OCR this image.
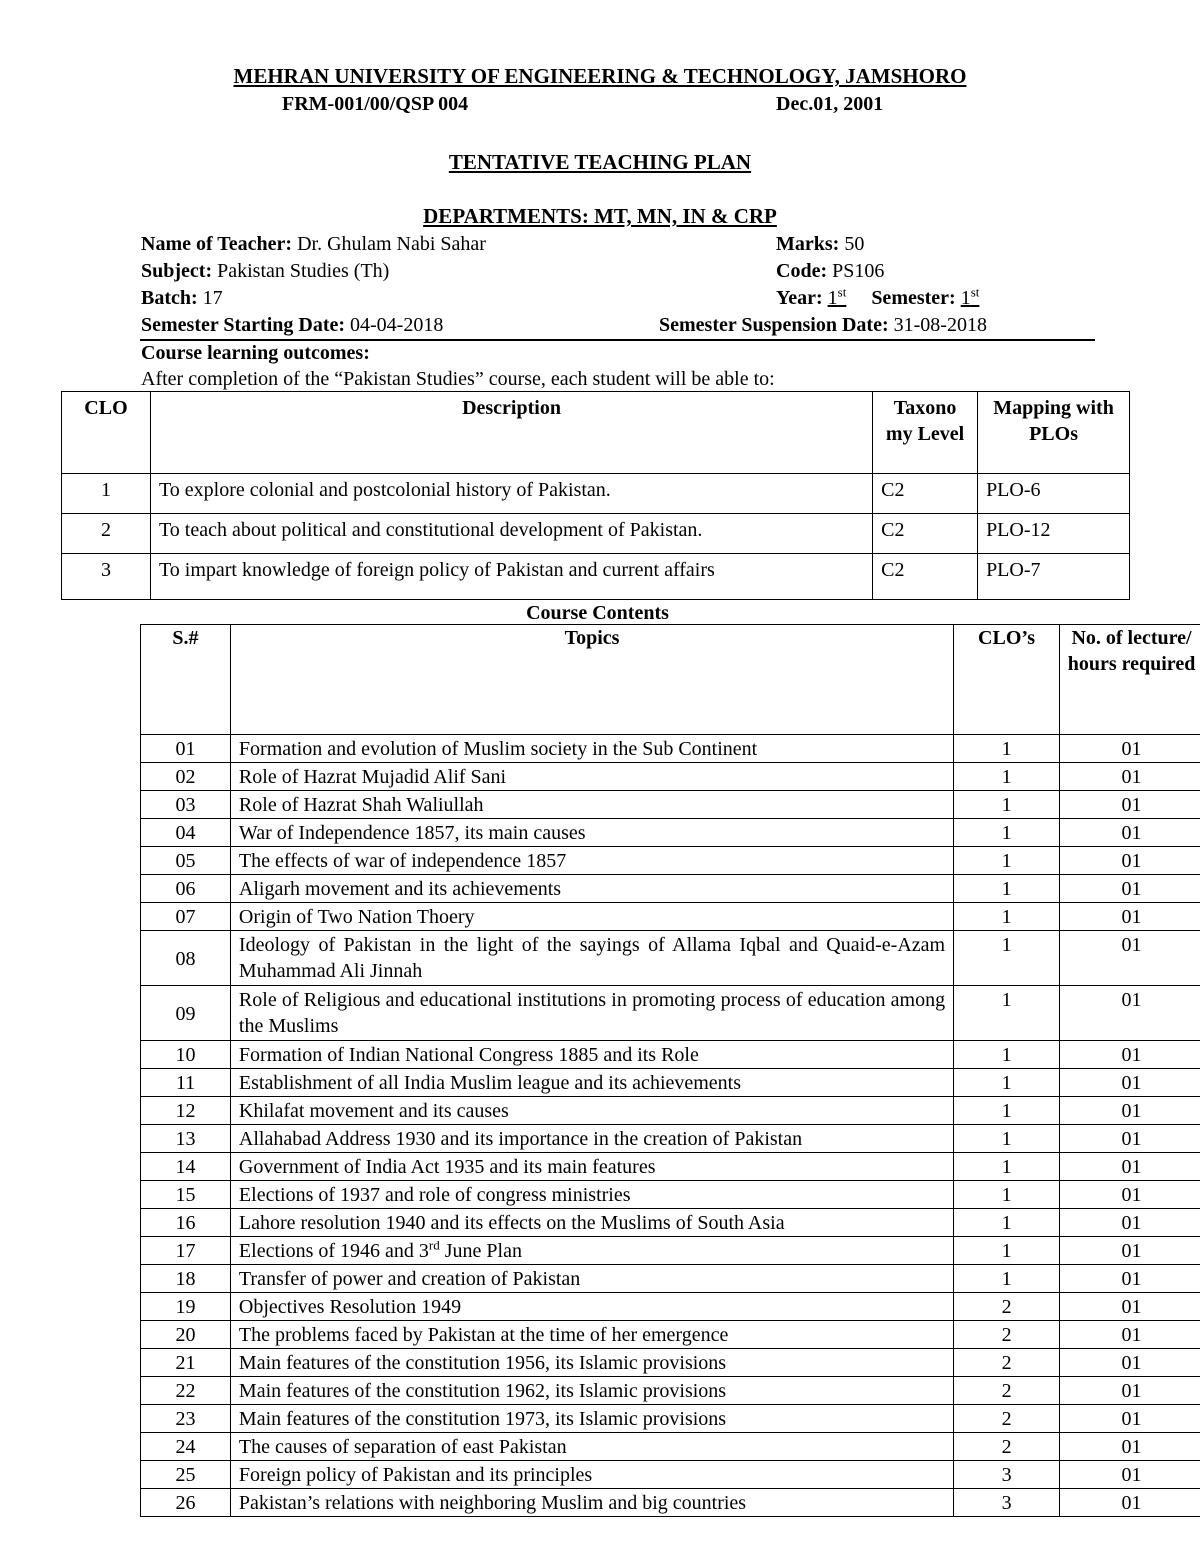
MEHRAN UNIVERSITY OF ENGINEERING & TECHNOLOGY, JAMSHORO
FRM-001/00/QSP 004	Dec.01, 2001
TENTATIVE TEACHING PLAN
DEPARTMENTS: MT, MN, IN & CRP
Name of Teacher: Dr. Ghulam Nabi Sahar	Marks: 50
Subject: Pakistan Studies (Th)	Code: PS106
Batch: 17	Year: 1st Semester: 1st
Semester Starting Date: 04-04-2018	Semester Suspension Date: 31-08-2018
Course learning outcomes:
After completion of the “Pakistan Studies” course, each student will be able to:
CLO	Description	Taxono my Level	Mapping with PLOs
1	To explore colonial and postcolonial history of Pakistan.	C2	PLO-6
2	To teach about political and constitutional development of Pakistan.	C2	PLO-12
3	To impart knowledge of foreign policy of Pakistan and current affairs	C2	PLO-7
Course Contents
S.#	Topics	CLO’s	No. of lecture/ hours required
01	Formation and evolution of Muslim society in the Sub Continent	1	01
02	Role of Hazrat Mujadid Alif Sani	1	01
03	Role of Hazrat Shah Waliullah	1	01
04	War of Independence 1857, its main causes	1	01
05	The effects of war of independence 1857	1	01
06	Aligarh movement and its achievements	1	01
07	Origin of Two Nation Thoery	1	01
08	Ideology of Pakistan in the light of the sayings of Allama Iqbal and Quaid-e-Azam Muhammad Ali Jinnah	1	01
09	Role of Religious and educational institutions in promoting process of education among the Muslims	1	01
10	Formation of Indian National Congress 1885 and its Role	1	01
11	Establishment of all India Muslim league and its achievements	1	01
12	Khilafat movement and its causes	1	01
13	Allahabad Address 1930 and its importance in the creation of Pakistan	1	01
14	Government of India Act 1935 and its main features	1	01
15	Elections of 1937 and role of congress ministries	1	01
16	Lahore resolution 1940 and its effects on the Muslims of South Asia	1	01
17	Elections of 1946 and 3rd June Plan	1	01
18	Transfer of power and creation of Pakistan	1	01
19	Objectives Resolution 1949	2	01
20	The problems faced by Pakistan at the time of her emergence	2	01
21	Main features of the constitution 1956, its Islamic provisions	2	01
22	Main features of the constitution 1962, its Islamic provisions	2	01
23	Main features of the constitution 1973, its Islamic provisions	2	01
24	The causes of separation of east Pakistan	2	01
25	Foreign policy of Pakistan and its principles	3	01
26	Pakistan’s relations with neighboring Muslim and big countries	3	01
